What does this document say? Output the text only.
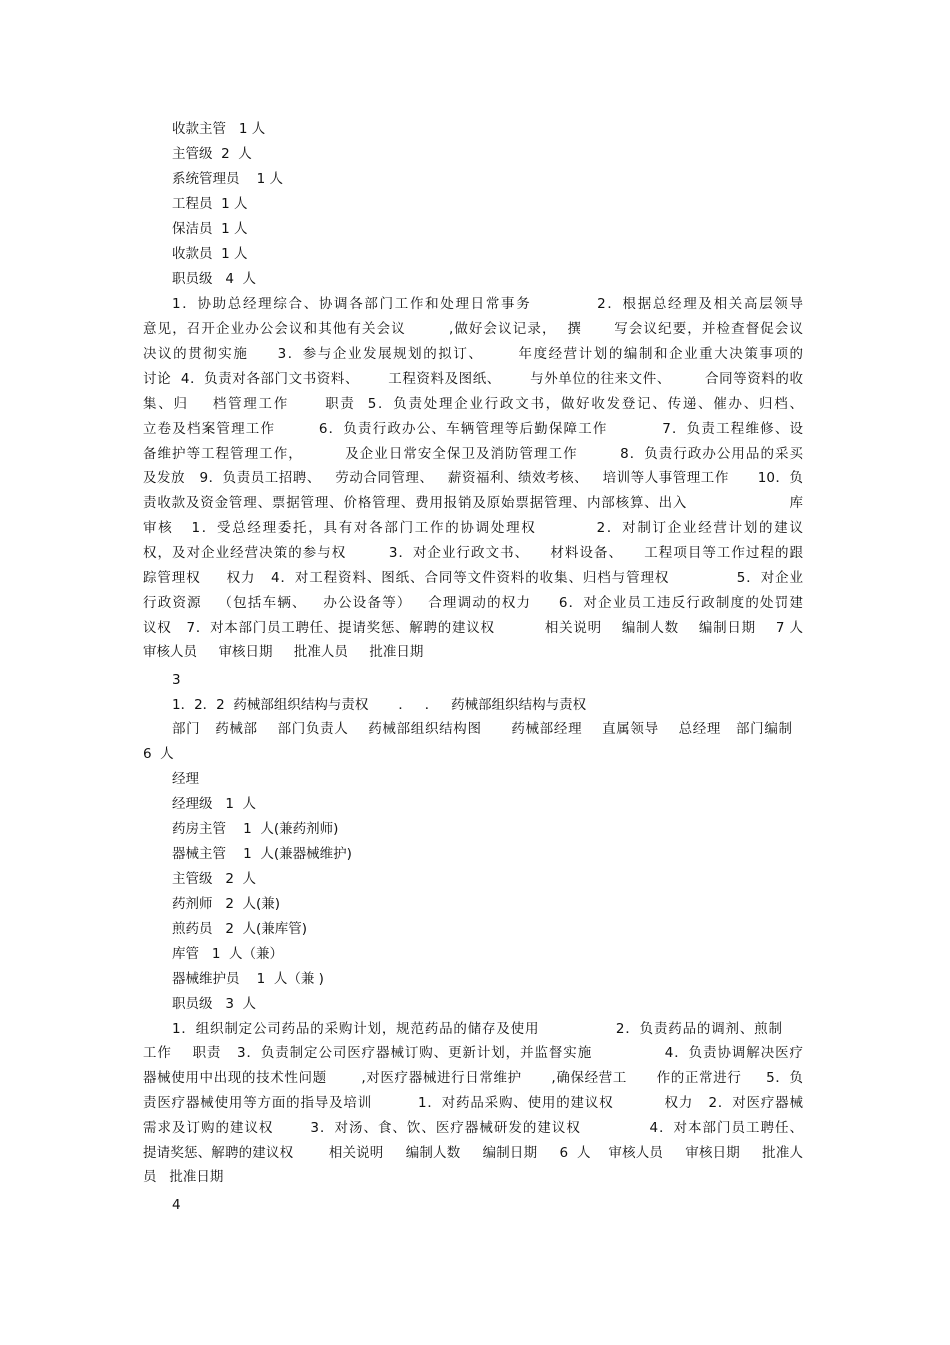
收款主管   1 人
主管级  2  人
系统管理员    1 人
工程员  1 人
保洁员  1 人
收款员  1 人
职员级   4  人
1．协助总经理综合、协调各部门工作和处理日常事务           2．根据总经理及相关高层领导
意见，召开企业办公会议和其他有关会议        ,做好会议记录，  撰      写会议纪要，并检查督促会议
决议的贯彻实施     3．参与企业发展规划的拟订、      年度经营计划的编制和企业重大决策事项的
讨论  4．负责对各部门文书资料、      工程资料及图纸、      与外单位的往来文件、       合同等资料的收
集、归    档管理工作      职责  5．负责处理企业行政文书，做好收发登记、传递、催办、归档、
立卷及档案管理工作        6．负责行政办公、车辆管理等后勤保障工作          7．负责工程维修、设
备维护等工程管理工作，        及企业日常安全保卫及消防管理工作        8．负责行政办公用品的采买
及发放   9．负责员工招聘、   劳动合同管理、   薪资福利、绩效考核、   培训等人事管理工作      10．负
责收款及资金管理、票据管理、价格管理、费用报销及原始票据管理、内部核算、出入                    库
审核   1．受总经理委托，具有对各部门工作的协调处理权          2．对制订企业经营计划的建议
权，及对企业经营决策的参与权        3．对企业行政文书、    材料设备、    工程项目等工作过程的跟
踪管理权     权力   4．对工程资料、图纸、合同等文件资料的收集、归档与管理权             5．对企业
行政资源   （包括车辆、   办公设备等）   合理调动的权力     6．对企业员工违反行政制度的处罚建
议权   7．对本部门员工聘任、提请奖惩、解聘的建议权          相关说明    编制人数    编制日期    7 人
审核人员     审核日期     批准人员     批准日期
3
1．2．2  药械部组织结构与责权       ．   ．   药械部组织结构与责权
部门   药械部    部门负责人    药械部组织结构图      药械部经理    直属领导    总经理   部门编制
6  人
经理
经理级   1  人
药房主管    1  人(兼药剂师)
器械主管    1  人(兼器械维护)
主管级   2  人
药剂师   2  人(兼)
煎药员   2  人(兼库管)
库管   1  人（兼）
器械维护员    1  人（兼 )
职员级   3  人
1．组织制定公司药品的采购计划，规范药品的储存及使用               2．负责药品的调剂、煎制
工作    职责   3．负责制定公司医疗器械订购、更新计划，并监督实施              4．负责协调解决医疗
器械使用中出现的技术性问题       ,对医疗器械进行日常维护      ,确保经营工      作的正常进行     5．负
责医疗器械使用等方面的指导及培训         1．对药品采购、使用的建议权          权力   2．对医疗器械
需求及订购的建议权       3．对汤、食、饮、医疗器械研发的建议权             4．对本部门员工聘任、
提请奖惩、解聘的建议权        相关说明     编制人数     编制日期     6  人    审核人员     审核日期     批准人
员   批准日期
4
